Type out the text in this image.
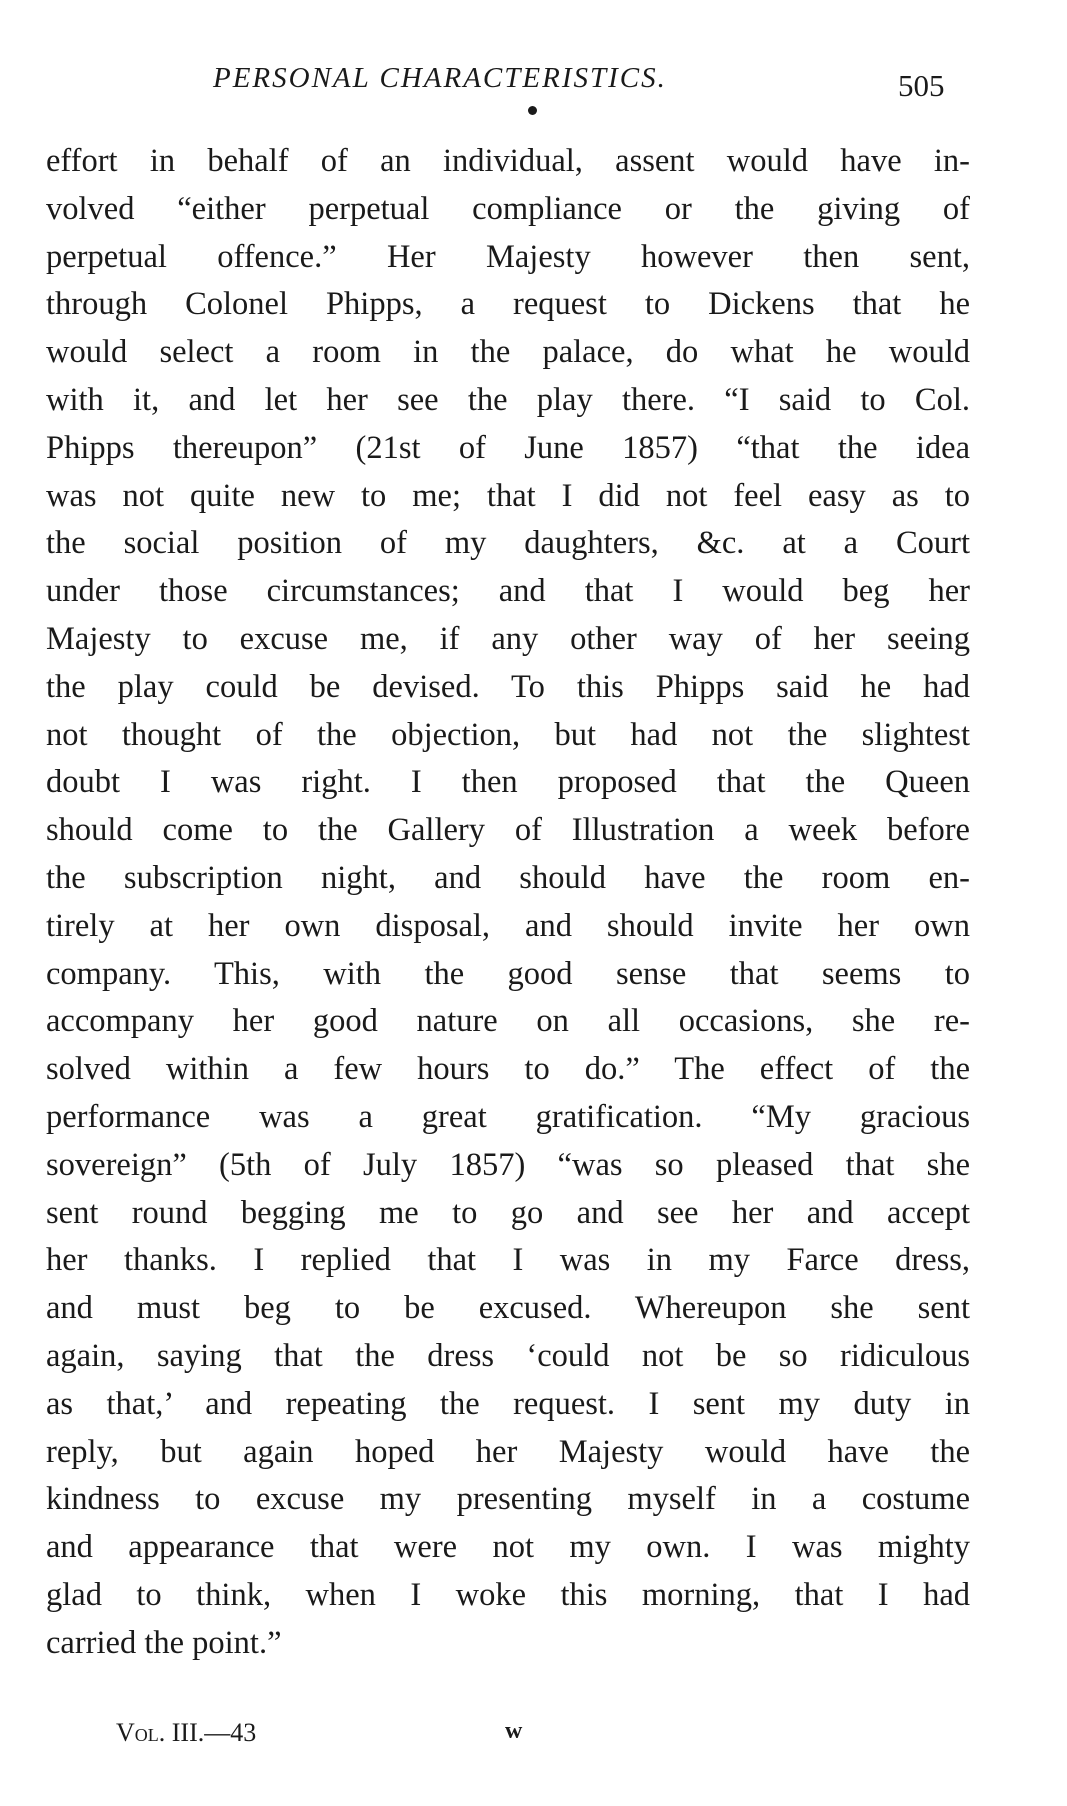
PERSONAL CHARACTERISTICS.	505
effort in behalf of an individual, assent would have in-
volved “either perpetual compliance or the giving of
perpetual offence.” Her Majesty however then sent,
through Colonel Phipps, a request to Dickens that he
would select a room in the palace, do what he would
with it, and let her see the play there. “I said to Col.
Phipps thereupon” (21st of June 1857) “that the idea
was not quite new to me; that I did not feel easy as to
the social position of my daughters, &c. at a Court
under those circumstances; and that I would beg her
Majesty to excuse me, if any other way of her seeing
the play could be devised. To this Phipps said he had
not thought of the objection, but had not the slightest
doubt I was right. I then proposed that the Queen
should come to the Gallery of Illustration a week before
the subscription night, and should have the room en-
tirely at her own disposal, and should invite her own
company. This, with the good sense that seems to
accompany her good nature on all occasions, she re-
solved within a few hours to do.” The effect of the
performance was a great gratification. “My gracious
sovereign” (5th of July 1857) “was so pleased that she
sent round begging me to go and see her and accept
her thanks. I replied that I was in my Farce dress,
and must beg to be excused. Whereupon she sent
again, saying that the dress ‘could not be so ridiculous
as that,’ and repeating the request. I sent my duty in
reply, but again hoped her Majesty would have the
kindness to excuse my presenting myself in a costume
and appearance that were not my own. I was mighty
glad to think, when I woke this morning, that I had
carried the point.”
Vol. III.—43	w
